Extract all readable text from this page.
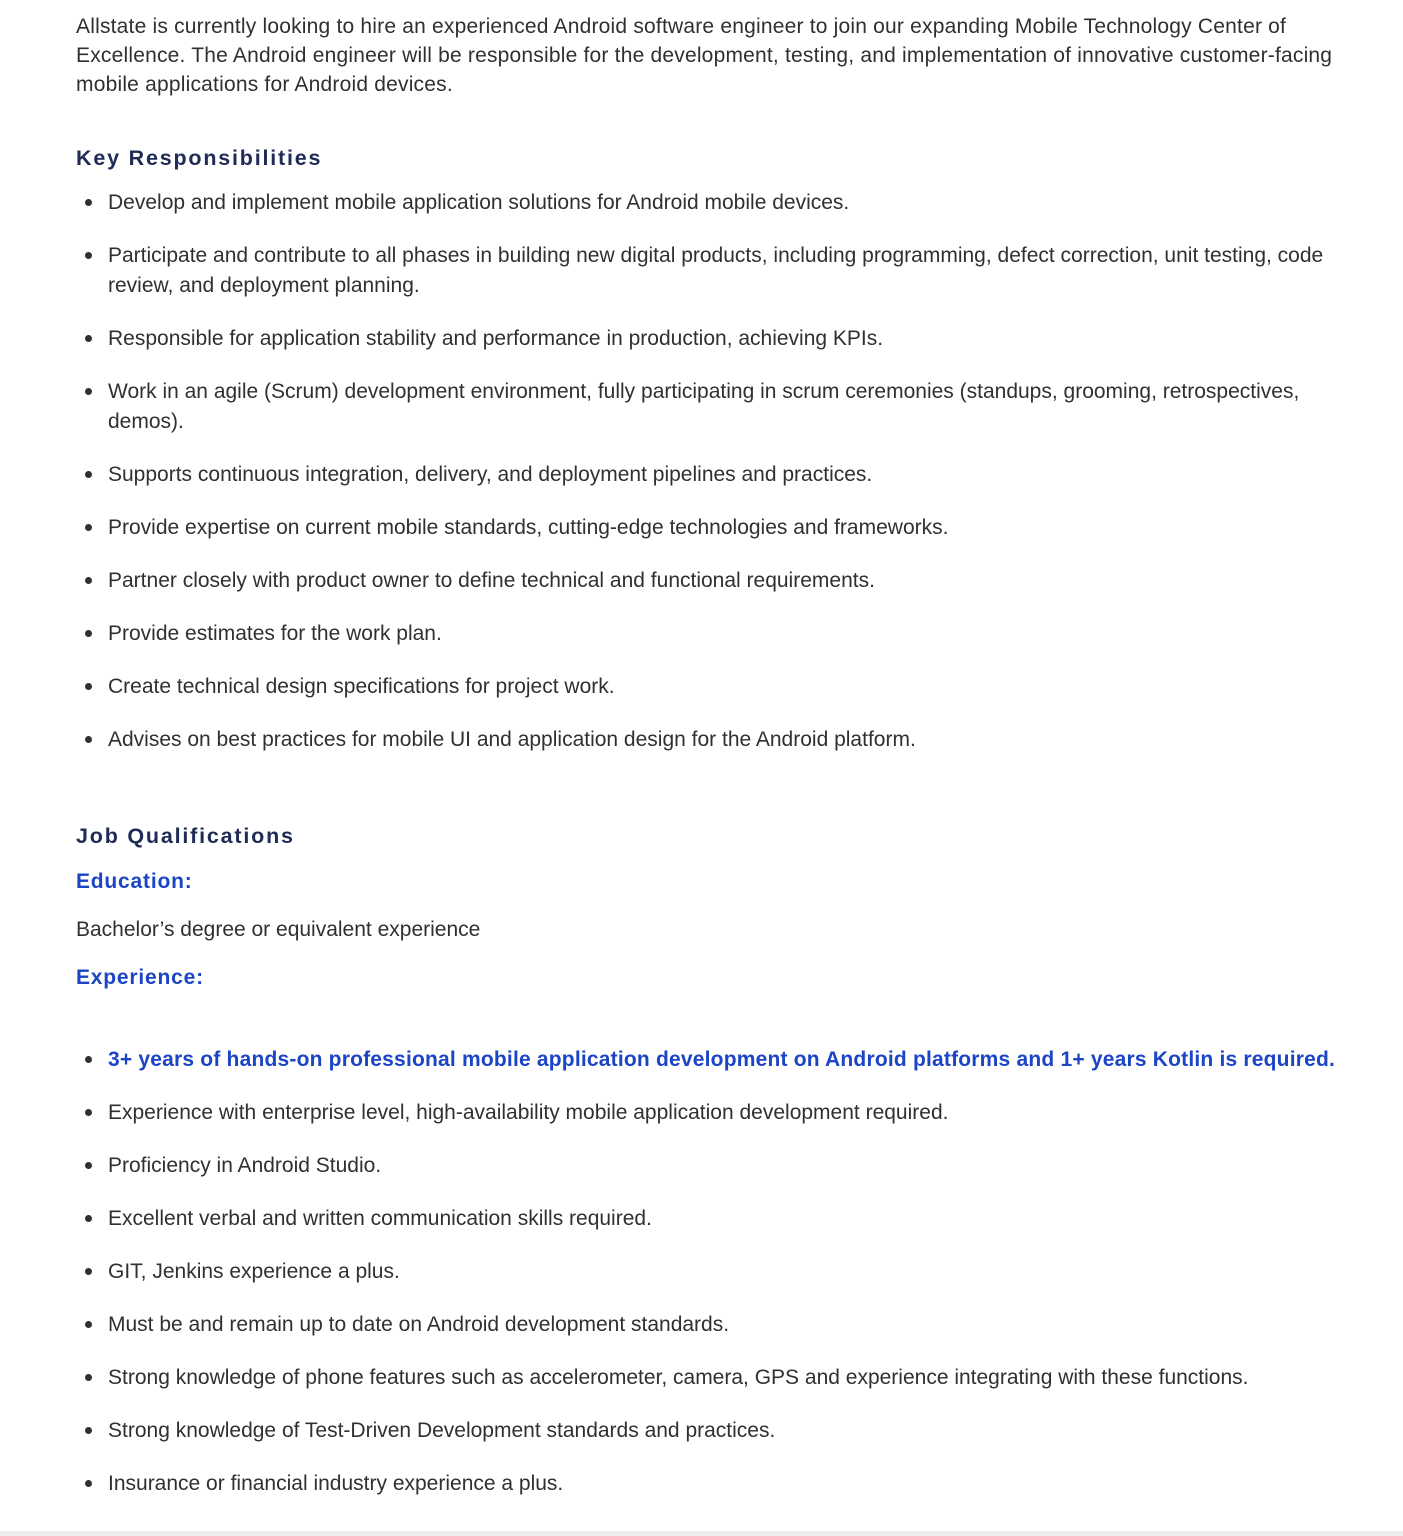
Allstate is currently looking to hire an experienced Android software engineer to join our expanding Mobile Technology Center of Excellence. The Android engineer will be responsible for the development, testing, and implementation of innovative customer-facing mobile applications for Android devices.

Key Responsibilities
Develop and implement mobile application solutions for Android mobile devices.
Participate and contribute to all phases in building new digital products, including programming, defect correction, unit testing, code review, and deployment planning.
Responsible for application stability and performance in production, achieving KPIs.
Work in an agile (Scrum) development environment, fully participating in scrum ceremonies (standups, grooming, retrospectives, demos).
Supports continuous integration, delivery, and deployment pipelines and practices.
Provide expertise on current mobile standards, cutting-edge technologies and frameworks.
Partner closely with product owner to define technical and functional requirements.
Provide estimates for the work plan.
Create technical design specifications for project work.
Advises on best practices for mobile UI and application design for the Android platform.
Job Qualifications
Education:

Bachelor’s degree or equivalent experience

Experience:
3+ years of hands-on professional mobile application development on Android platforms and 1+ years Kotlin is required.
Experience with enterprise level, high-availability mobile application development required.
Proficiency in Android Studio.
Excellent verbal and written communication skills required.
GIT, Jenkins experience a plus.
Must be and remain up to date on Android development standards.
Strong knowledge of phone features such as accelerometer, camera, GPS and experience integrating with these functions.
Strong knowledge of Test-Driven Development standards and practices.
Insurance or financial industry experience a plus.
